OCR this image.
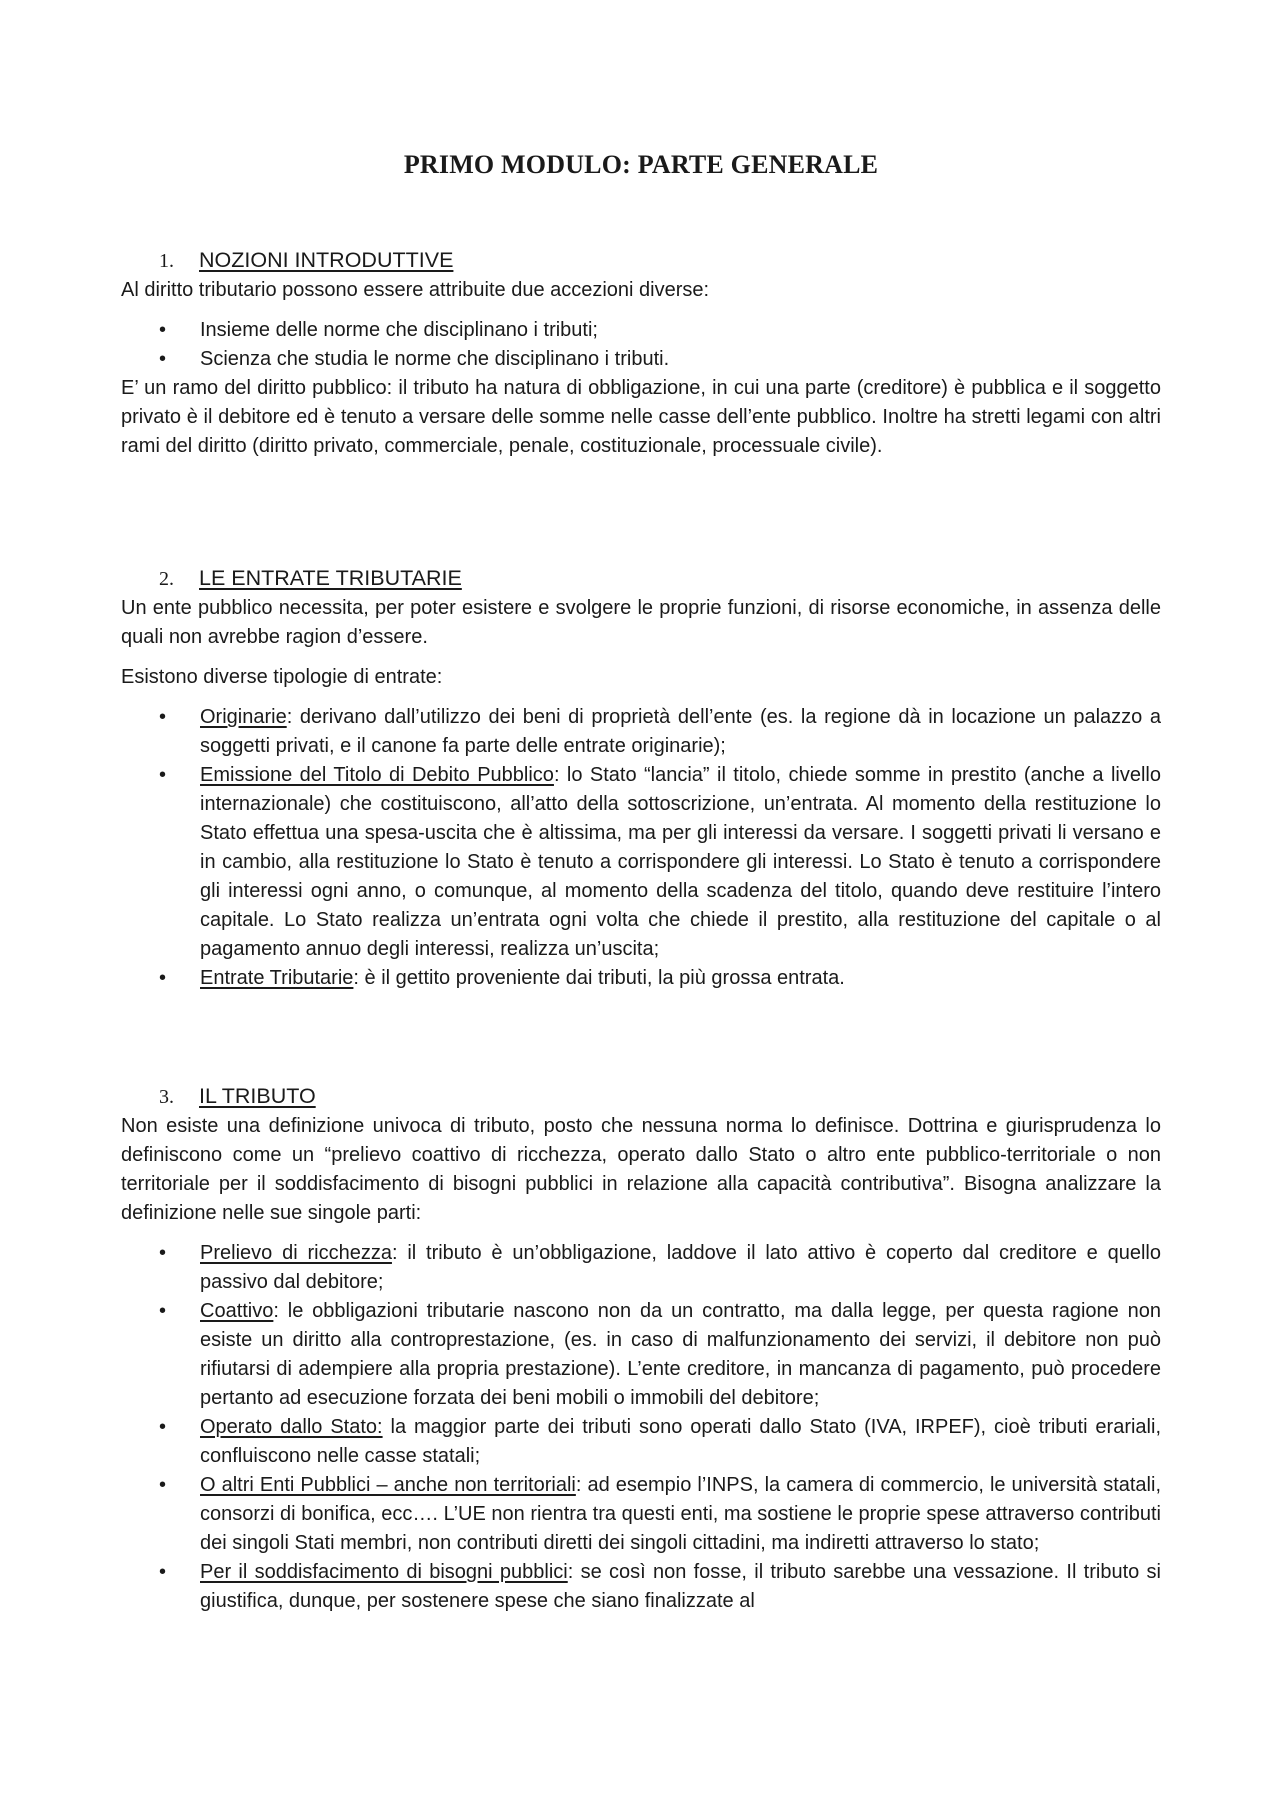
PRIMO MODULO: PARTE GENERALE
1.	NOZIONI INTRODUTTIVE

Al diritto tributario possono essere attribuite due accezioni diverse:

• Insieme delle norme che disciplinano i tributi;
• Scienza che studia le norme che disciplinano i tributi.

E’ un ramo del diritto pubblico: il tributo ha natura di obbligazione, in cui una parte (creditore) è pubblica e il soggetto privato è il debitore ed è tenuto a versare delle somme nelle casse dell’ente pubblico. Inoltre ha stretti legami con altri rami del diritto (diritto privato, commerciale, penale, costituzionale, processuale civile).

2.	LE ENTRATE TRIBUTARIE

Un ente pubblico necessita, per poter esistere e svolgere le proprie funzioni, di risorse economiche, in assenza delle quali non avrebbe ragion d’essere.

Esistono diverse tipologie di entrate:

• Originarie: derivano dall’utilizzo dei beni di proprietà dell’ente (es. la regione dà in locazione un palazzo a soggetti privati, e il canone fa parte delle entrate originarie);
• Emissione del Titolo di Debito Pubblico: lo Stato “lancia” il titolo, chiede somme in prestito (anche a livello internazionale) che costituiscono, all’atto della sottoscrizione, un’entrata. Al momento della restituzione lo Stato effettua una spesa-uscita che è altissima, ma per gli interessi da versare. I soggetti privati li versano e in cambio, alla restituzione lo Stato è tenuto a corrispondere gli interessi. Lo Stato è tenuto a corrispondere gli interessi ogni anno, o comunque, al momento della scadenza del titolo, quando deve restituire l’intero capitale. Lo Stato realizza un’entrata ogni volta che chiede il prestito, alla restituzione del capitale o al pagamento annuo degli interessi, realizza un’uscita;
• Entrate Tributarie: è il gettito proveniente dai tributi, la più grossa entrata.
3.	IL TRIBUTO

Non esiste una definizione univoca di tributo, posto che nessuna norma lo definisce. Dottrina e giurisprudenza lo definiscono come un “prelievo coattivo di ricchezza, operato dallo Stato o altro ente pubblico-territoriale o non territoriale per il soddisfacimento di bisogni pubblici in relazione alla capacità contributiva”. Bisogna analizzare la definizione nelle sue singole parti:

• Prelievo di ricchezza: il tributo è un’obbligazione, laddove il lato attivo è coperto dal creditore e quello passivo dal debitore;
• Coattivo: le obbligazioni tributarie nascono non da un contratto, ma dalla legge, per questa ragione non esiste un diritto alla controprestazione, (es. in caso di malfunzionamento dei servizi, il debitore non può rifiutarsi di adempiere alla propria prestazione). L’ente creditore, in mancanza di pagamento, può procedere pertanto ad esecuzione forzata dei beni mobili o immobili del debitore;
• Operato dallo Stato: la maggior parte dei tributi sono operati dallo Stato (IVA, IRPEF), cioè tributi erariali, confluiscono nelle casse statali;
• O altri Enti Pubblici – anche non territoriali: ad esempio l’INPS, la camera di commercio, le università statali, consorzi di bonifica, ecc…. L’UE non rientra tra questi enti, ma sostiene le proprie spese attraverso contributi dei singoli Stati membri, non contributi diretti dei singoli cittadini, ma indiretti attraverso lo stato;
• Per il soddisfacimento di bisogni pubblici: se così non fosse, il tributo sarebbe una vessazione. Il tributo si giustifica, dunque, per sostenere spese che siano finalizzate al
